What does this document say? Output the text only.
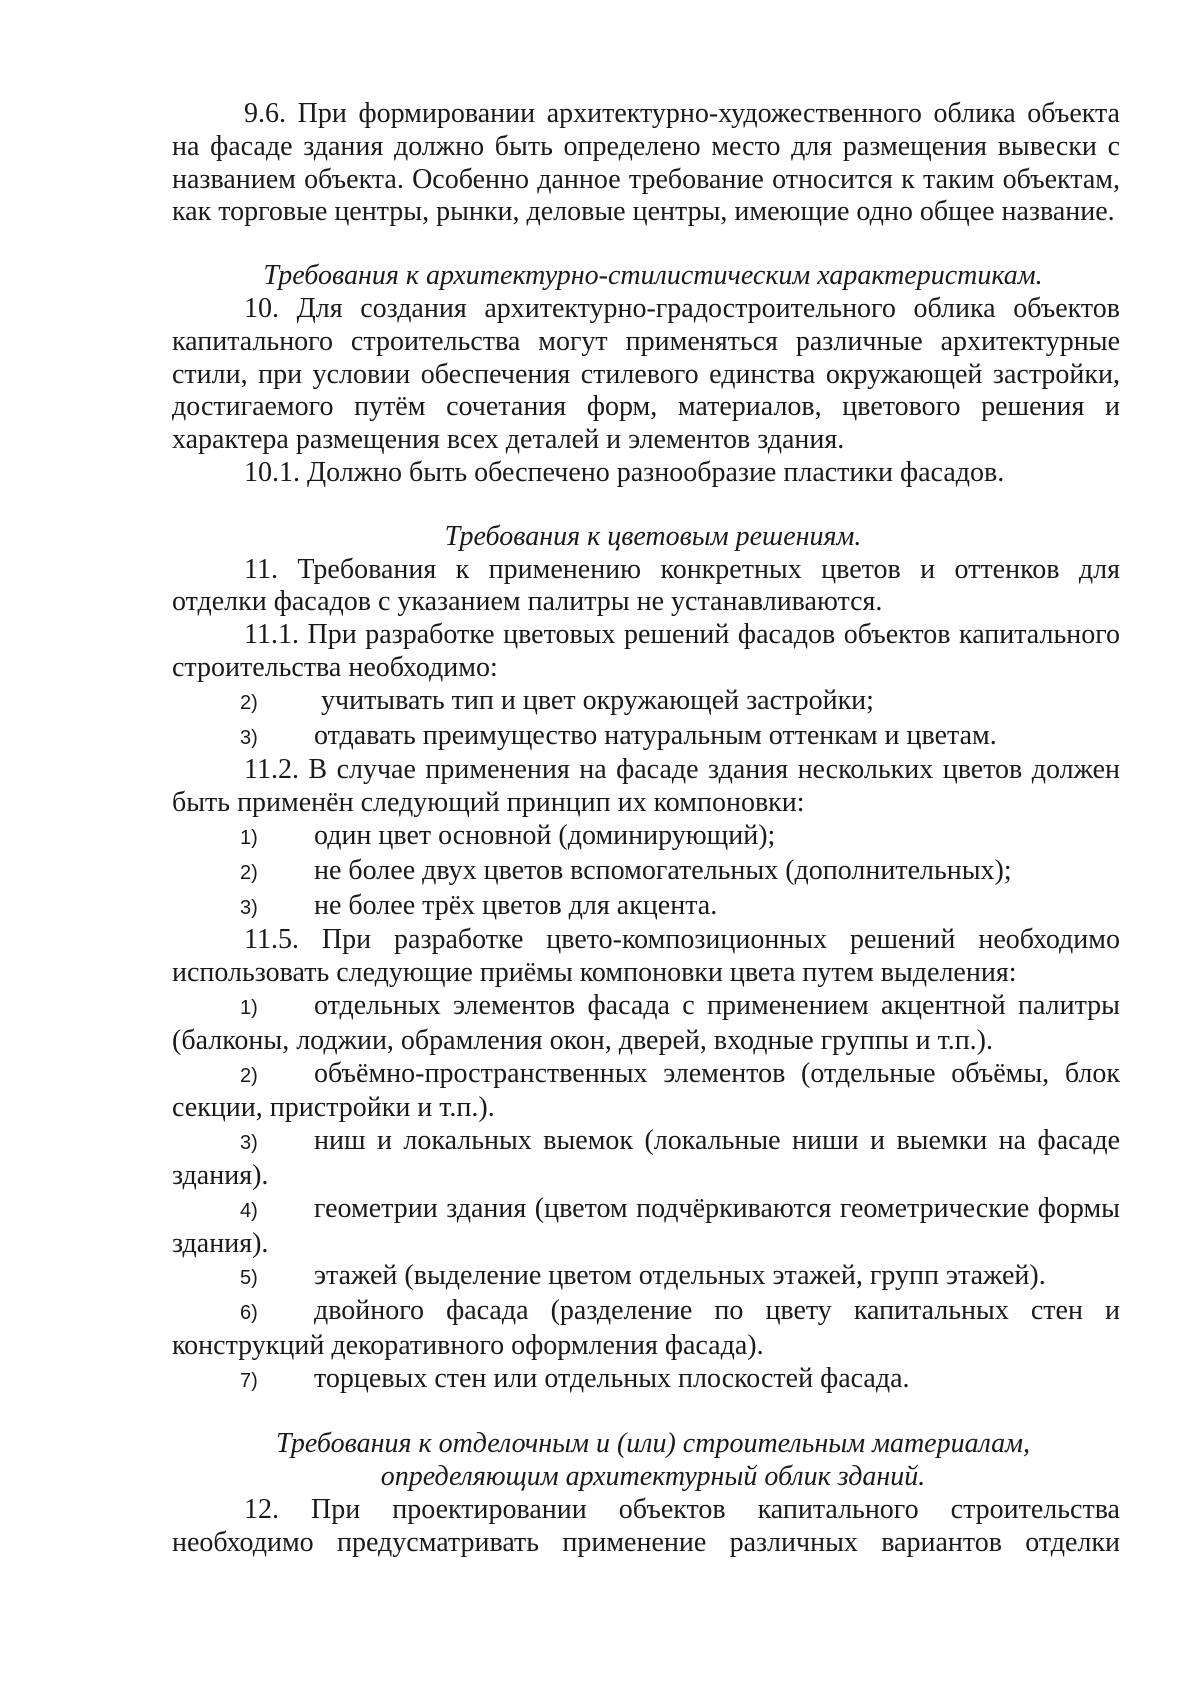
9.6. При формировании архитектурно-художественного облика объекта на фасаде здания должно быть определено место для размещения вывески с названием объекта. Особенно данное требование относится к таким объектам, как торговые центры, рынки, деловые центры, имеющие одно общее название.

Требования к архитектурно-стилистическим характеристикам.

10. Для создания архитектурно-градостроительного облика объектов капитального строительства могут применяться различные архитектурные стили, при условии обеспечения стилевого единства окружающей застройки, достигаемого путём сочетания форм, материалов, цветового решения и характера размещения всех деталей и элементов здания.

10.1. Должно быть обеспечено разнообразие пластики фасадов.

Требования к цветовым решениям.

11. Требования к применению конкретных цветов и оттенков для отделки фасадов с указанием палитры не устанавливаются.

11.1. При разработке цветовых решений фасадов объектов капитального строительства необходимо:

2) учитывать тип и цвет окружающей застройки;

3) отдавать преимущество натуральным оттенкам и цветам.

11.2. В случае применения на фасаде здания нескольких цветов должен быть применён следующий принцип их компоновки:

1) один цвет основной (доминирующий);

2) не более двух цветов вспомогательных (дополнительных);

3) не более трёх цветов для акцента.

11.5. При разработке цвето-композиционных решений необходимо использовать следующие приёмы компоновки цвета путем выделения:

1) отдельных элементов фасада с применением акцентной палитры (балконы, лоджии, обрамления окон, дверей, входные группы и т.п.).

2) объёмно-пространственных элементов (отдельные объёмы, блок секции, пристройки и т.п.).

3) ниш и локальных выемок (локальные ниши и выемки на фасаде здания).

4) геометрии здания (цветом подчёркиваются геометрические формы здания).

5) этажей (выделение цветом отдельных этажей, групп этажей).

6) двойного фасада (разделение по цвету капитальных стен и конструкций декоративного оформления фасада).

7) торцевых стен или отдельных плоскостей фасада.

Требования к отделочным и (или) строительным материалам,

определяющим архитектурный облик зданий.

12. При проектировании объектов капитального строительства необходимо предусматривать применение различных вариантов отделки
